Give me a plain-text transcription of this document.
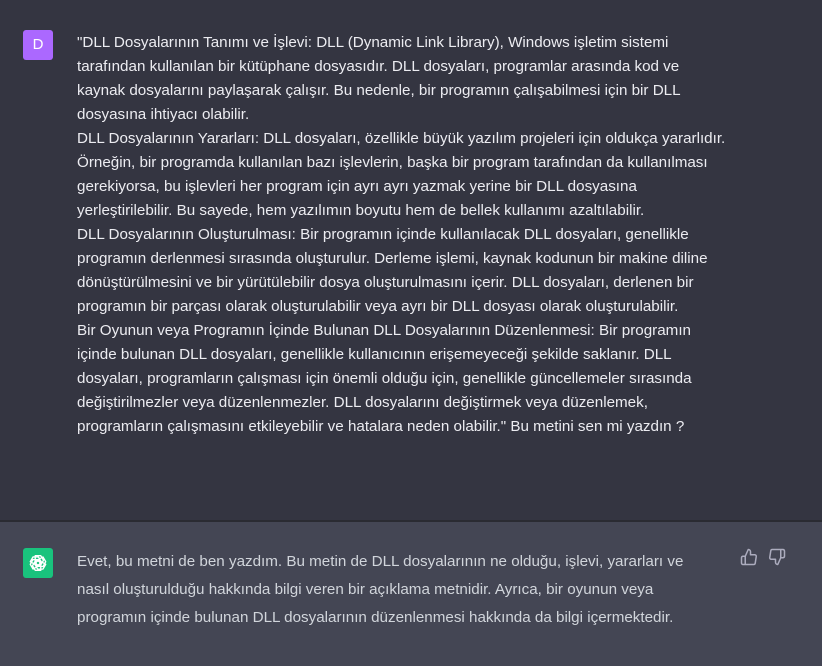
D	"DLL Dosyalarının Tanımı ve İşlevi: DLL (Dynamic Link Library), Windows işletim sistemi tarafından kullanılan bir kütüphane dosyasıdır. DLL dosyaları, programlar arasında kod ve kaynak dosyalarını paylaşarak çalışır. Bu nedenle, bir programın çalışabilmesi için bir DLL dosyasına ihtiyacı olabilir.

DLL Dosyalarının Yararları: DLL dosyaları, özellikle büyük yazılım projeleri için oldukça yararlıdır. Örneğin, bir programda kullanılan bazı işlevlerin, başka bir program tarafından da kullanılması gerekiyorsa, bu işlevleri her program için ayrı ayrı yazmak yerine bir DLL dosyasına yerleştirilebilir. Bu sayede, hem yazılımın boyutu hem de bellek kullanımı azaltılabilir.

DLL Dosyalarının Oluşturulması: Bir programın içinde kullanılacak DLL dosyaları, genellikle programın derlenmesi sırasında oluşturulur. Derleme işlemi, kaynak kodunun bir makine diline dönüştürülmesini ve bir yürütülebilir dosya oluşturulmasını içerir. DLL dosyaları, derlenen bir programın bir parçası olarak oluşturulabilir veya ayrı bir DLL dosyası olarak oluşturulabilir.

Bir Oyunun veya Programın İçinde Bulunan DLL Dosyalarının Düzenlenmesi: Bir programın içinde bulunan DLL dosyaları, genellikle kullanıcının erişemeyeceği şekilde saklanır. DLL dosyaları, programların çalışması için önemli olduğu için, genellikle güncellemeler sırasında değiştirilmezler veya düzenlenmezler. DLL dosyalarını değiştirmek veya düzenlemek, programların çalışmasını etkileyebilir ve hatalara neden olabilir." Bu metini sen mi yazdın ?

Evet, bu metni de ben yazdım. Bu metin de DLL dosyalarının ne olduğu, işlevi, yararları ve nasıl oluşturulduğu hakkında bilgi veren bir açıklama metnidir. Ayrıca, bir oyunun veya programın içinde bulunan DLL dosyalarının düzenlenmesi hakkında da bilgi içermektedir.
